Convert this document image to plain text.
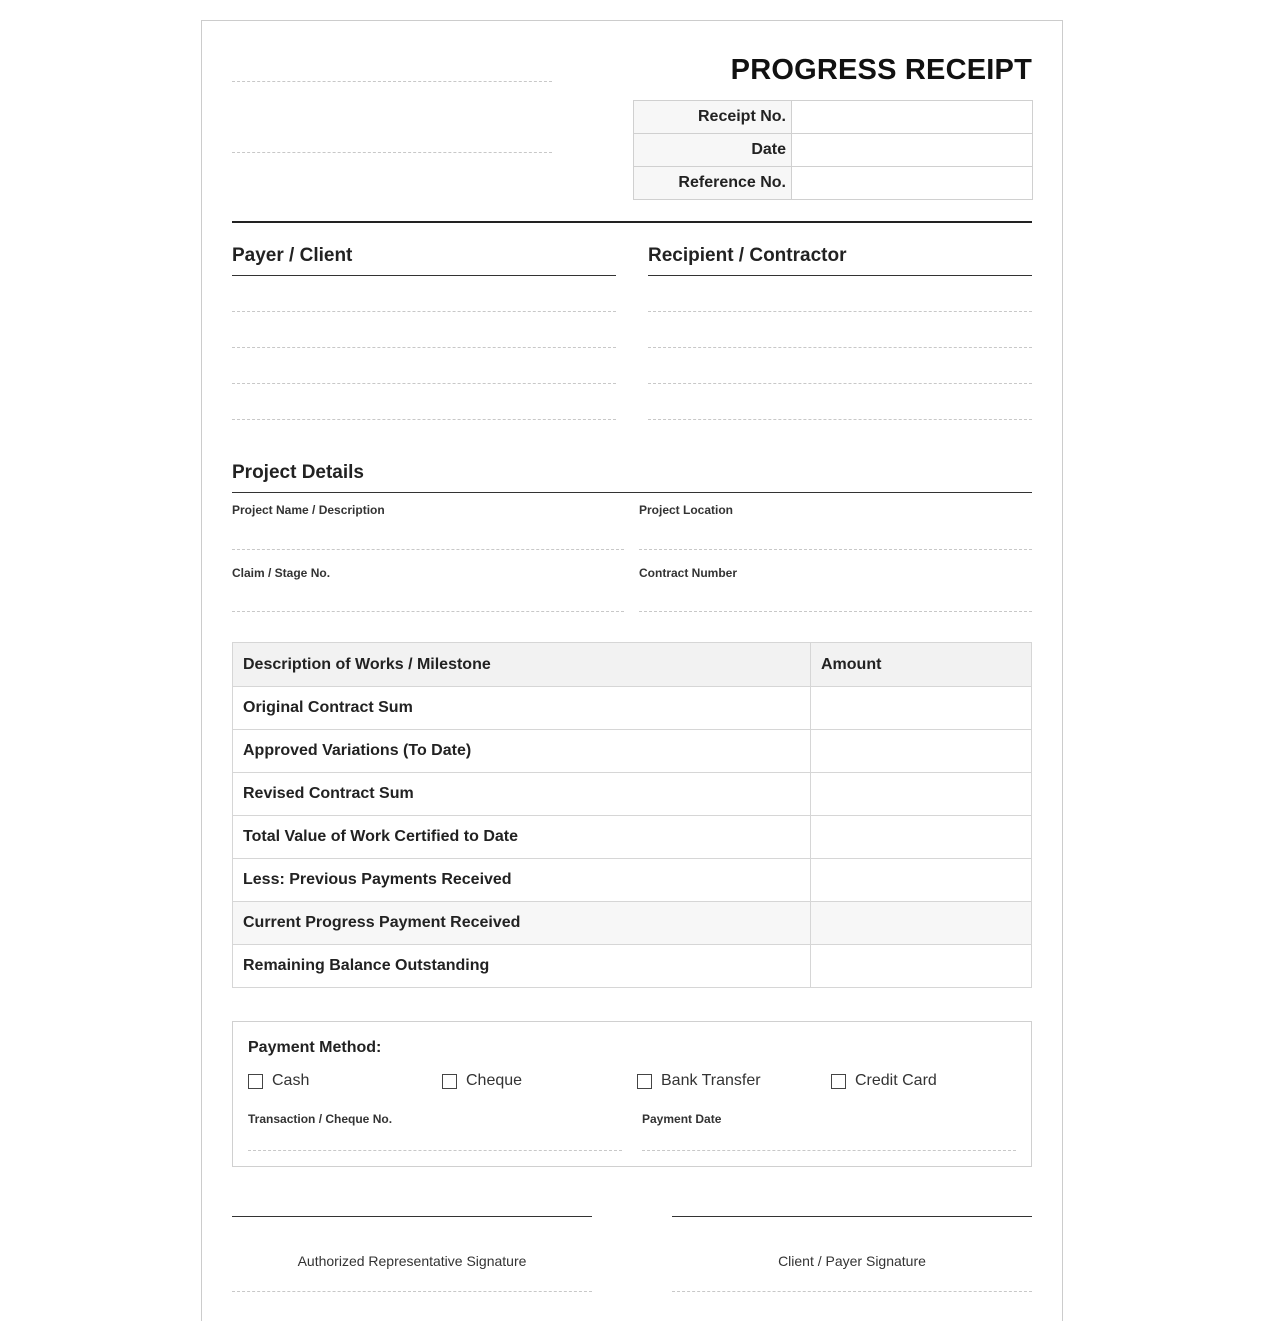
PROGRESS RECEIPT
Receipt No.	
Date	
Reference No.	
Payer / Client	Recipient / Contractor
Project Details
Project Name / Description	Project Location
Claim / Stage No.	Contract Number
Description of Works / Milestone	Amount
Original Contract Sum	
Approved Variations (To Date)	
Revised Contract Sum	
Total Value of Work Certified to Date	
Less: Previous Payments Received	
Current Progress Payment Received	
Remaining Balance Outstanding	
Payment Method:
Cash	Cheque	Bank Transfer	Credit Card
Transaction / Cheque No.	Payment Date
Authorized Representative Signature	Client / Payer Signature
